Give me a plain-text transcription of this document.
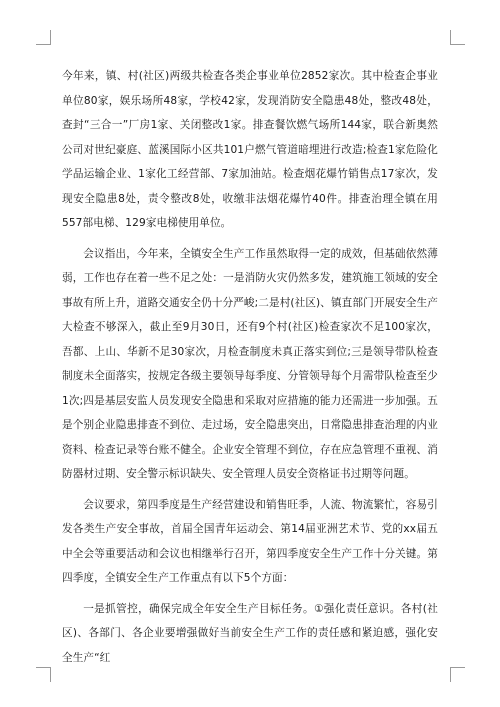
今年来，镇、村(社区)两级共检查各类企事业单位2852家次。其中检查企事业单位80家，娱乐场所48家，学校42家，发现消防安全隐患48处，整改48处，查封“三合一”厂房1家、关闭整改1家。排查餐饮燃气场所144家，联合新奥然公司对世纪豪庭、蓝溪国际小区共101户燃气管道暗埋进行改造;检查1家危险化学品运输企业、1家化工经营部、7家加油站。检查烟花爆竹销售点17家次，发现安全隐患8处，责令整改8处，收缴非法烟花爆竹40件。排查治理全镇在用557部电梯、129家电梯使用单位。

会议指出，今年来，全镇安全生产工作虽然取得一定的成效，但基础依然薄弱，工作也存在着一些不足之处：一是消防火灾仍然多发，建筑施工领域的安全事故有所上升，道路交通安全仍十分严峻;二是村(社区)、镇直部门开展安全生产大检查不够深入，截止至9月30日，还有9个村(社区)检查家次不足100家次，吾都、上山、华新不足30家次，月检查制度未真正落实到位;三是领导带队检查制度未全面落实，按规定各级主要领导每季度、分管领导每个月需带队检查至少1次;四是基层安监人员发现安全隐患和采取对应措施的能力还需进一步加强。五是个别企业隐患排查不到位、走过场，安全隐患突出，日常隐患排查治理的内业资料、检查记录等台账不健全。企业安全管理不到位，存在应急管理不重视、消防器材过期、安全警示标识缺失、安全管理人员安全资格证书过期等问题。

会议要求，第四季度是生产经营建设和销售旺季，人流、物流繁忙，容易引发各类生产安全事故，首届全国青年运动会、第14届亚洲艺术节、党的xx届五中全会等重要活动和会议也相继举行召开，第四季度安全生产工作十分关键。第四季度，全镇安全生产工作重点有以下5个方面：

一是抓管控，确保完成全年安全生产目标任务。①强化责任意识。各村(社区)、各部门、各企业要增强做好当前安全生产工作的责任感和紧迫感，强化安全生产“红
